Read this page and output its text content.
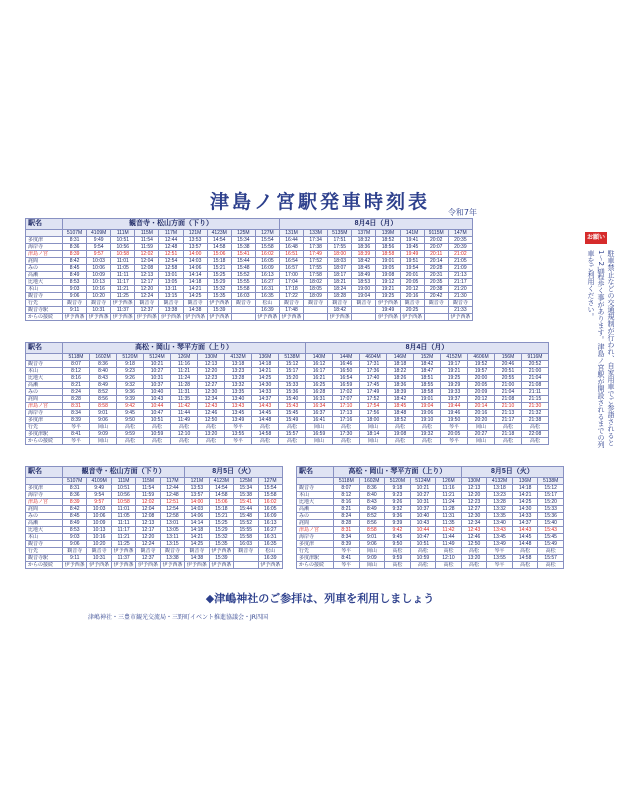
津島ノ宮駅発車時刻表	令和7年
お願い
駐車禁止などの交通規制が行われ、自家用車でご参詣されると1〜2㎞程歩く事があります。津島ノ宮駅が開設されるまでの列車をご利用ください。
駅名	観音寺・松山方面（下り）									8月4日（月）							
	5107M	4109M	111M	115M	117M	121M	4123M	125M	127M	131M	133M	5135M	137M	139M	141M	9115M	147M
多度津	8:31	9:49	10:51	11:54	12:44	13:53	14:54	15:34	15:54	16:44	17:34	17:51	18:32	18:52	19:41	20:02	20:35
海岸寺	8:36	9:54	10:56	11:59	12:48	13:57	14:58	15:38	15:58	16:48	17:38	17:55	18:36	18:56	19:45	20:07	20:39
津島ノ宮	8:39	9:57	10:58	12:02	12:51	14:00	15:06	15:41	16:02	16:51	17:49	18:00	18:39	18:58	19:49	20:11	21:02
詫間	8:42	10:03	11:01	12:04	12:54	14:03	15:18	15:44	16:05	16:54	17:52	18:03	18:42	19:01	19:51	20:14	21:05
みの	8:45	10:06	11:05	12:08	12:58	14:06	15:21	15:48	16:09	16:57	17:55	18:07	18:45	19:05	19:54	20:28	21:09
高瀬	8:49	10:09	11:11	12:13	13:01	14:14	15:25	15:52	16:13	17:00	17:58	18:17	18:49	19:08	20:01	20:31	21:13
比地大	8:53	10:13	11:17	12:17	13:05	14:18	15:29	15:55	16:27	17:04	18:02	18:21	18:53	19:12	20:05	20:35	21:17
本山	9:03	10:16	11:21	12:20	13:11	14:21	15:32	15:58	16:31	17:18	18:05	18:24	19:00	19:21	20:12	20:38	21:20
観音寺	9:06	10:20	11:25	12:24	13:15	14:25	15:35	16:03	16:35	17:22	18:09	18:28	19:04	19:25	20:16	20:42	21:30
行先	観音寺	観音寺	伊予西条	観音寺	観音寺	観音寺	伊予西条	観音寺	松山	観音寺	観音寺	観音寺	観音寺	伊予西条	観音寺	観音寺	観音寺
観音寺駅	9:11	10:31	11:37	12:37	13:38	14:38	15:39		16:39	17:48		18:42		19:49	20:25		21:33
からの接続	伊予西条	伊予西条	伊予西条	伊予西条	伊予西条	伊予西条	伊予西条		伊予西条	伊予西条		伊予西条		伊予西条	伊予西条		伊予西条
駅名	高松・岡山・琴平方面（上り）									8月4日（月）								
	5118M	1602M	5120M	5124M	126M	130M	4132M	136M	5138M	140M	144M	4604M	146M	152M	4152M	4606M	156M	9116M
観音寺	8:07	8:36	9:18	10:21	11:16	12:13	13:18	14:18	15:12	16:12	16:46	17:31	18:18	18:42	19:17	19:52	20:46	20:52
本山	8:12	8:40	9:23	10:27	11:21	12:20	13:23	14:21	15:17	16:17	16:50	17:36	18:22	18:47	19:21	19:57	20:51	21:00
比地大	8:16	8:43	9:26	10:31	11:24	12:23	13:28	14:25	15:20	16:21	16:54	17:40	18:26	18:51	19:25	20:00	20:55	21:04
高瀬	8:21	8:49	9:32	10:37	11:28	12:27	13:32	14:30	15:33	16:25	16:59	17:45	18:36	18:55	19:29	20:05	21:00	21:08
みの	8:24	8:52	9:36	10:40	11:31	12:30	13:35	14:33	15:36	16:28	17:02	17:49	18:39	18:58	19:33	20:09	21:04	21:11
詫間	8:28	8:56	9:39	10:43	11:35	12:34	13:40	14:37	15:40	16:31	17:07	17:52	18:42	19:01	19:37	20:12	21:08	21:15
津島ノ宮	8:31	8:58	9:42	10:44	11:42	12:43	13:43	14:43	15:43	16:34	17:10	17:54	18:45	19:04	19:44	20:14	21:10	21:30
海岸寺	8:34	9:01	9:45	10:47	11:44	12:46	13:45	14:45	15:45	16:37	17:13	17:56	18:48	19:06	19:46	20:16	21:13	21:32
多度津	8:39	9:06	9:50	10:51	11:49	12:50	13:49	14:48	15:49	16:41	17:16	18:00	18:52	19:10	19:50	20:20	21:17	21:38
行先	琴平	岡山	高松	高松	高松	高松	琴平	高松	高松	岡山	高松	岡山	高松	高松	琴平	岡山	高松	高松
多度津駅	8:41	9:09	9:59	10:59	12:10	13:20	13:55	14:58	15:57	16:59	17:30	18:14	19:08	19:32	20:05	20:27	21:18	22:08
からの接続	琴平	岡山	高松	高松	高松	高松	琴平	高松	高松	岡山	高松	岡山	高松	高松	琴平	岡山	高松	高松
駅名	観音寺・松山方面（下り）					8月5日（火）			
	5107M	4109M	111M	115M	117M	121M	4123M	125M	127M
多度津	8:31	9:49	10:51	11:54	12:44	13:53	14:54	15:34	15:54
海岸寺	8:36	9:54	10:56	11:59	12:48	13:57	14:58	15:38	15:58
津島ノ宮	8:39	9:57	10:58	12:02	12:51	14:00	15:06	15:41	16:02
詫間	8:42	10:03	11:01	12:04	12:54	14:03	15:18	15:44	16:05
みの	8:45	10:06	11:05	12:08	12:58	14:06	15:21	15:48	16:09
高瀬	8:49	10:09	11:11	12:13	13:01	14:14	15:25	15:52	16:13
比地大	8:53	10:13	11:17	12:17	13:05	14:18	15:29	15:55	16:27
本山	9:03	10:16	11:21	12:20	13:11	14:21	15:32	15:58	16:31
観音寺	9:06	10:20	11:25	12:24	13:15	14:25	15:35	16:03	16:35
行先	観音寺	観音寺	伊予西条	観音寺	観音寺	観音寺	伊予西条	観音寺	松山
観音寺駅	9:11	10:31	11:37	12:37	13:38	14:38	15:39		16:39
からの接続	伊予西条	伊予西条	伊予西条	伊予西条	伊予西条	伊予西条	伊予西条		伊予西条
駅名	高松・岡山・琴平方面（上り）					8月5日（火）			
	5118M	1602M	5120M	5124M	126M	130M	4132M	136M	5138M
観音寺	8:07	8:36	9:18	10:21	11:16	12:13	13:18	14:18	15:12
本山	8:12	8:40	9:23	10:27	11:21	12:20	13:23	14:21	15:17
比地大	8:16	8:43	9:26	10:31	11:24	12:23	13:28	14:25	15:20
高瀬	8:21	8:49	9:32	10:37	11:28	12:27	13:32	14:30	15:33
みの	8:24	8:52	9:36	10:40	11:31	12:30	13:35	14:33	15:36
詫間	8:28	8:56	9:39	10:43	11:35	12:34	13:40	14:37	15:40
津島ノ宮	8:31	8:58	9:42	10:44	11:42	12:43	13:43	14:43	15:43
海岸寺	8:34	9:01	9:45	10:47	11:44	12:46	13:45	14:45	15:45
多度津	8:39	9:06	9:50	10:51	11:49	12:50	13:49	14:48	15:49
行先	琴平	岡山	高松	高松	高松	高松	琴平	高松	高松
多度津駅	8:41	9:09	9:59	10:59	12:10	13:20	13:55	14:58	15:57
からの接続	琴平	岡山	高松	高松	高松	高松	琴平	高松	高松
◆津嶋神社のご参拝は、列車を利用しましょう
津嶋神社・三豊市観光交流局・三野町イベント推進協議会・JR四国
